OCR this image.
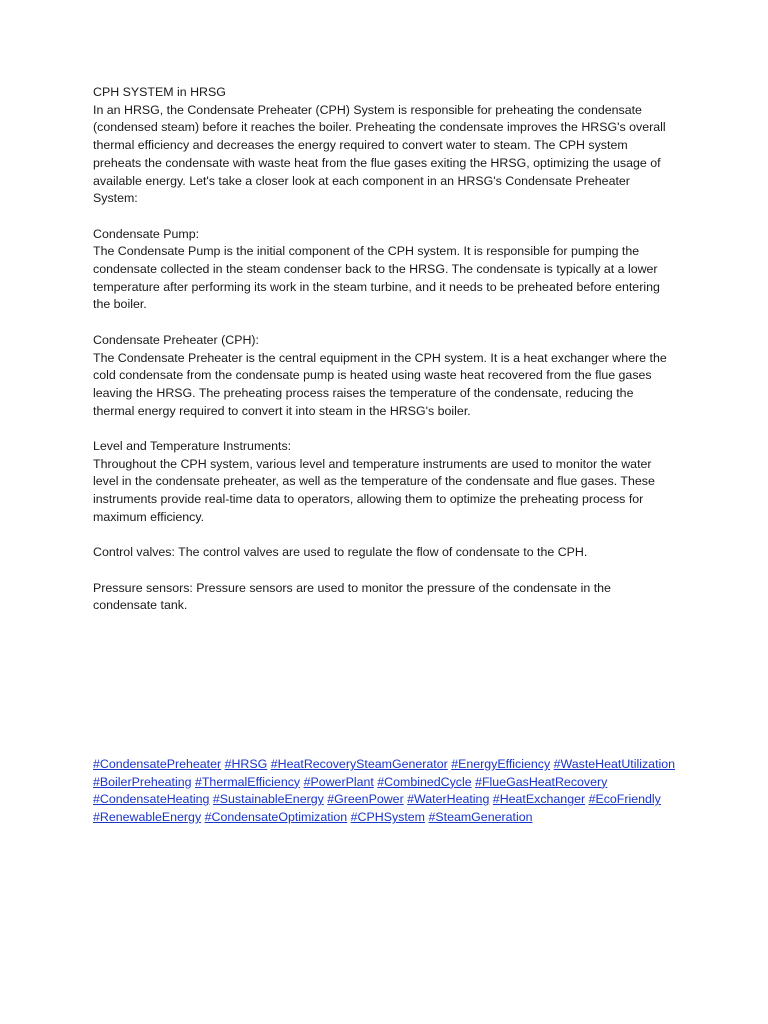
CPH SYSTEM in HRSG

In an HRSG, the Condensate Preheater (CPH) System is responsible for preheating the condensate (condensed steam) before it reaches the boiler. Preheating the condensate improves the HRSG's overall thermal efficiency and decreases the energy required to convert water to steam. The CPH system preheats the condensate with waste heat from the flue gases exiting the HRSG, optimizing the usage of available energy. Let's take a closer look at each component in an HRSG's Condensate Preheater System:

Condensate Pump:

The Condensate Pump is the initial component of the CPH system. It is responsible for pumping the condensate collected in the steam condenser back to the HRSG. The condensate is typically at a lower temperature after performing its work in the steam turbine, and it needs to be preheated before entering the boiler.

Condensate Preheater (CPH):

The Condensate Preheater is the central equipment in the CPH system. It is a heat exchanger where the cold condensate from the condensate pump is heated using waste heat recovered from the flue gases leaving the HRSG. The preheating process raises the temperature of the condensate, reducing the thermal energy required to convert it into steam in the HRSG's boiler.

Level and Temperature Instruments:

Throughout the CPH system, various level and temperature instruments are used to monitor the water level in the condensate preheater, as well as the temperature of the condensate and flue gases. These instruments provide real-time data to operators, allowing them to optimize the preheating process for maximum efficiency.

Control valves: The control valves are used to regulate the flow of condensate to the CPH.

Pressure sensors: Pressure sensors are used to monitor the pressure of the condensate in the condensate tank.

#CondensatePreheater #HRSG #HeatRecoverySteamGenerator #EnergyEfficiency #WasteHeatUtilization #BoilerPreheating #ThermalEfficiency #PowerPlant #CombinedCycle #FlueGasHeatRecovery #CondensateHeating #SustainableEnergy #GreenPower #WaterHeating #HeatExchanger #EcoFriendly #RenewableEnergy #CondensateOptimization #CPHSystem #SteamGeneration
